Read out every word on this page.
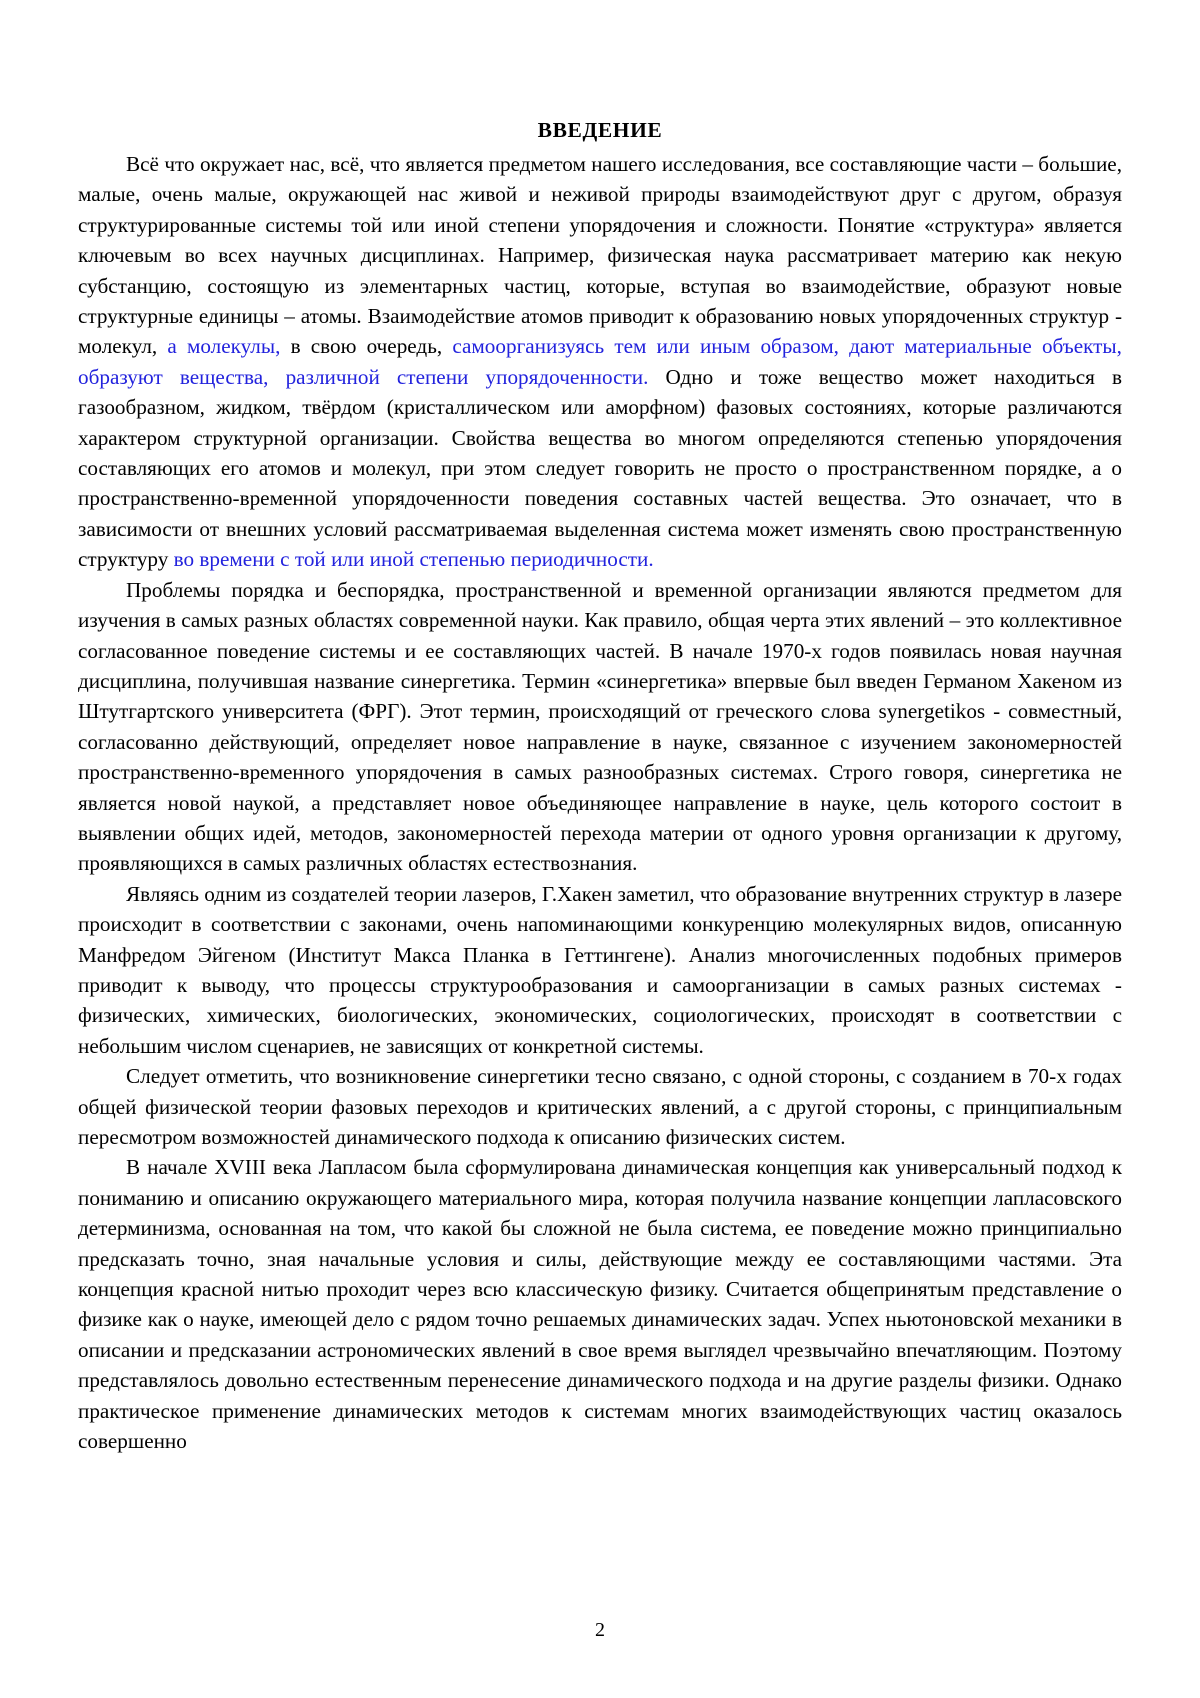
ВВЕДЕНИЕ

Всё что окружает нас, всё, что является предметом нашего исследования, все составляющие части – большие, малые, очень малые, окружающей нас живой и неживой природы взаимодействуют друг с другом, образуя структурированные системы той или иной степени упорядочения и сложности. Понятие «структура» является ключевым во всех научных дисциплинах. Например, физическая наука рассматривает материю как некую субстанцию, состоящую из элементарных частиц, которые, вступая во взаимодействие, образуют новые структурные единицы – атомы. Взаимодействие атомов приводит к образованию новых упорядоченных структур - молекул, а молекулы, в свою очередь, самоорганизуясь тем или иным образом, дают материальные объекты, образуют вещества, различной степени упорядоченности. Одно и тоже вещество может находиться в газообразном, жидком, твёрдом (кристаллическом или аморфном) фазовых состояниях, которые различаются характером структурной организации. Свойства вещества во многом определяются степенью упорядочения составляющих его атомов и молекул, при этом следует говорить не просто о пространственном порядке, а о пространственно-временной упорядоченности поведения составных частей вещества. Это означает, что в зависимости от внешних условий рассматриваемая выделенная система может изменять свою пространственную структуру во времени с той или иной степенью периодичности.

Проблемы порядка и беспорядка, пространственной и временной организации являются предметом для изучения в самых разных областях современной науки. Как правило, общая черта этих явлений – это коллективное согласованное поведение системы и ее составляющих частей. В начале 1970-х годов появилась новая научная дисциплина, получившая название синергетика. Термин «синергетика» впервые был введен Германом Хакеном из Штутгартского университета (ФРГ). Этот термин, происходящий от греческого слова synergetikos - совместный, согласованно действующий, определяет новое направление в науке, связанное с изучением закономерностей пространственно-временного упорядочения в самых разнообразных системах. Строго говоря, синергетика не является новой наукой, а представляет новое объединяющее направление в науке, цель которого состоит в выявлении общих идей, методов, закономерностей перехода материи от одного уровня организации к другому, проявляющихся в самых различных областях естествознания.

Являясь одним из создателей теории лазеров, Г.Хакен заметил, что образование внутренних структур в лазере происходит в соответствии с законами, очень напоминающими конкуренцию молекулярных видов, описанную Манфредом Эйгеном (Институт Макса Планка в Геттингене). Анализ многочисленных подобных примеров приводит к выводу, что процессы структурообразования и самоорганизации в самых разных системах - физических, химических, биологических, экономических, социологических, происходят в соответствии с небольшим числом сценариев, не зависящих от конкретной системы.

Следует отметить, что возникновение синергетики тесно связано, с одной стороны, с созданием в 70-х годах общей физической теории фазовых переходов и критических явлений, а с другой стороны, с принципиальным пересмотром возможностей динамического подхода к описанию физических систем.

В начале XVIII века Лапласом была сформулирована динамическая концепция как универсальный подход к пониманию и описанию окружающего материального мира, которая получила название концепции лапласовского детерминизма, основанная на том, что какой бы сложной не была система, ее поведение можно принципиально предсказать точно, зная начальные условия и силы, действующие между ее составляющими частями. Эта концепция красной нитью проходит через всю классическую физику. Считается общепринятым представление о физике как о науке, имеющей дело с рядом точно решаемых динамических задач. Успех ньютоновской механики в описании и предсказании астрономических явлений в свое время выглядел чрезвычайно впечатляющим. Поэтому представлялось довольно естественным перенесение динамического подхода и на другие разделы физики. Однако практическое применение динамических методов к системам многих взаимодействующих частиц оказалось совершенно

2
